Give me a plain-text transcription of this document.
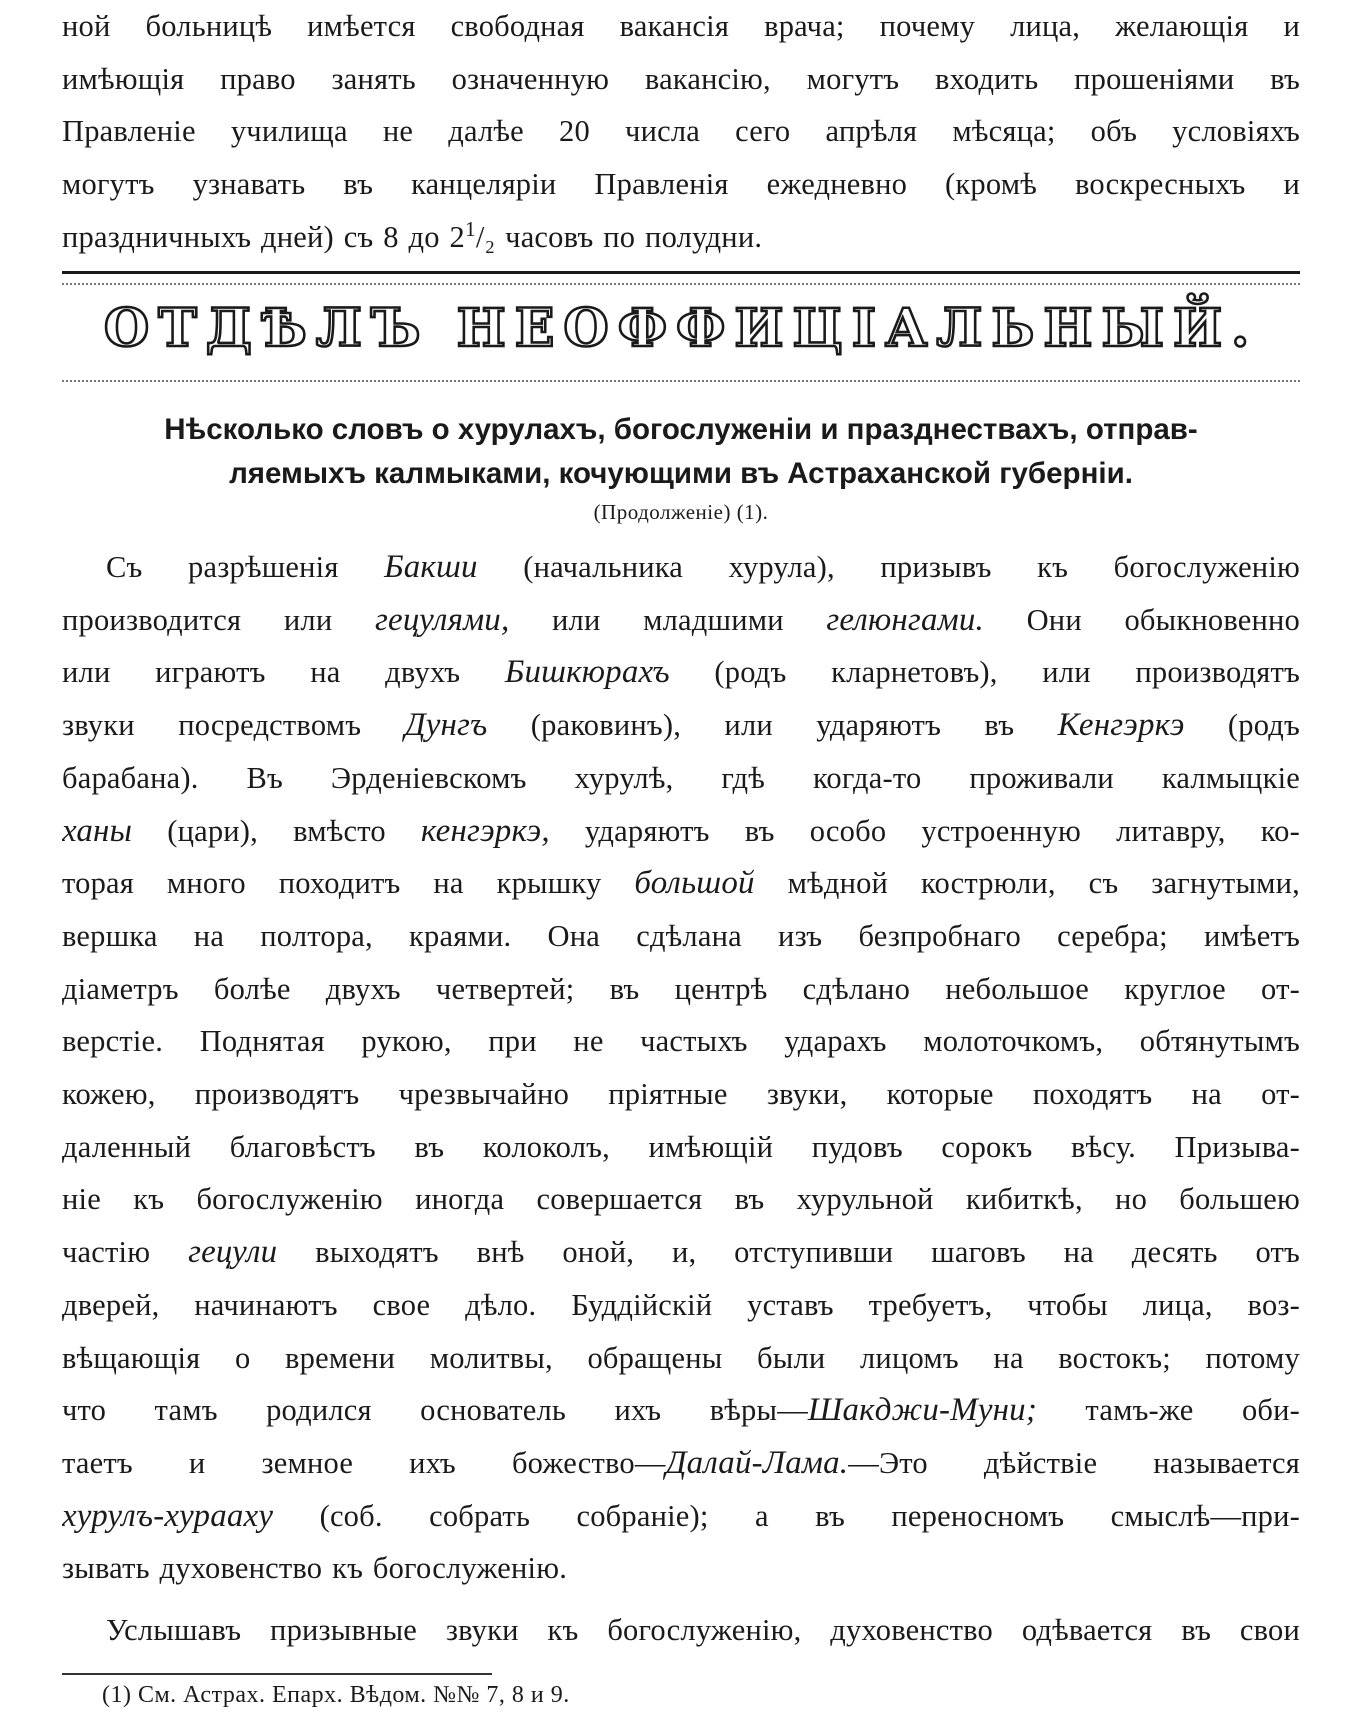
ной больницѣ имѣется свободная вакансія врача; почему лица, желающія и
имѣющія право занять означенную вакансію, могутъ входить прошеніями въ
Правленіе училища не далѣе 20 числа сего апрѣля мѣсяца; объ условіяхъ
могутъ узнавать въ канцеляріи Правленія ежедневно (кромѣ воскресныхъ и
праздничныхъ дней) съ 8 до $2^1/_2$ часовъ по полудни.
ОТДѢЛЪ НЕОФФИЦІАЛЬНЫЙ.
Нѣсколько словъ о хурулахъ, богослуженіи и празднествахъ, отправ-
ляемыхъ калмыками, кочующими въ Астраханской губерніи.
(Продолженіе) (1).
Съ разрѣшенія Бакши (начальника хурула), призывъ къ богослуженію
производится или гецулями, или младшими гелюнгами. Они обыкновенно
или играютъ на двухъ Бишкюрахъ (родъ кларнетовъ), или производятъ
звуки посредствомъ Дунгъ (раковинъ), или ударяютъ въ Кенгэркэ (родъ
барабана). Въ Эрденіевскомъ хурулѣ, гдѣ когда-то проживали калмыцкіе
ханы (цари), вмѣсто кенгэркэ, ударяютъ въ особо устроенную литавру, ко-
торая много походитъ на крышку большой мѣдной кострюли, съ загнутыми,
вершка на полтора, краями. Она сдѣлана изъ безпробнаго серебра; имѣетъ
діаметръ болѣе двухъ четвертей; въ центрѣ сдѣлано небольшое круглое от-
верстіе. Поднятая рукою, при не частыхъ ударахъ молоточкомъ, обтянутымъ
кожею, производятъ чрезвычайно пріятные звуки, которые походятъ на от-
даленный благовѣстъ въ колоколъ, имѣющій пудовъ сорокъ вѣсу. Призыва-
ніе къ богослуженію иногда совершается въ хурульной кибиткѣ, но большею
частію гецули выходятъ внѣ оной, и, отступивши шаговъ на десять отъ
дверей, начинаютъ свое дѣло. Буддійскій уставъ требуетъ, чтобы лица, воз-
вѣщающія о времени молитвы, обращены были лицомъ на востокъ; потому
что тамъ родился основатель ихъ вѣры—Шакджи-Муни; тамъ-же оби-
таетъ и земное ихъ божество—Далай-Лама.—Это дѣйствіе называется
хурулъ-хурааху (соб. собрать собраніе); а въ переносномъ смыслѣ—при-
зывать духовенство къ богослуженію.
Услышавъ призывные звуки къ богослуженію, духовенство одѣвается въ свои
(1) См. Астрах. Епарх. Вѣдом. №№ 7, 8 и 9.
